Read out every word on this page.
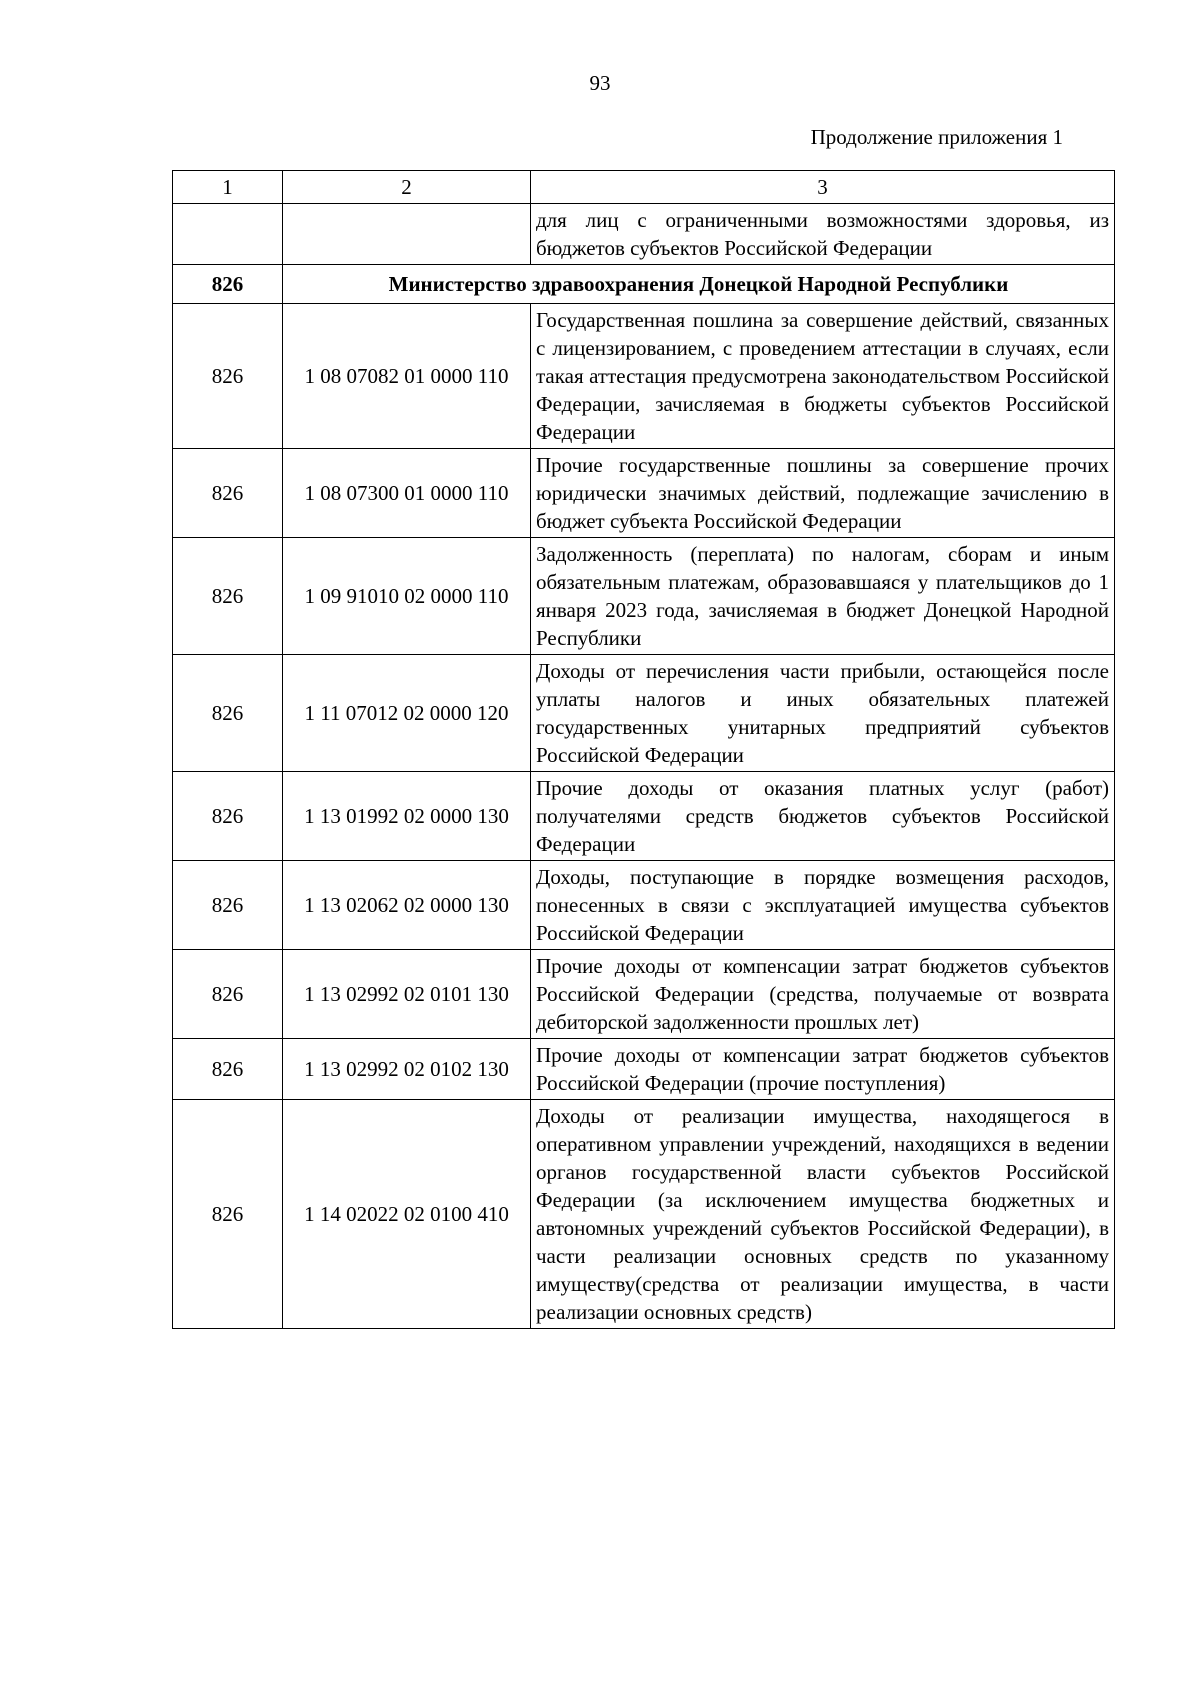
93
Продолжение приложения 1
1	2	3
		для лиц с ограниченными возможностями здоровья, из бюджетов субъектов Российской Федерации
826	Министерство здравоохранения Донецкой Народной Республики	
826	1 08 07082 01 0000 110	Государственная пошлина за совершение действий, связанных с лицензированием, с проведением аттестации в случаях, если такая аттестация предусмотрена законодательством Российской Федерации, зачисляемая в бюджеты субъектов Российской Федерации
826	1 08 07300 01 0000 110	Прочие государственные пошлины за совершение прочих юридически значимых действий, подлежащие зачислению в бюджет субъекта Российской Федерации
826	1 09 91010 02 0000 110	Задолженность (переплата) по налогам, сборам и иным обязательным платежам, образовавшаяся у плательщиков до 1 января 2023 года, зачисляемая в бюджет Донецкой Народной Республики
826	1 11 07012 02 0000 120	Доходы от перечисления части прибыли, остающейся после уплаты налогов и иных обязательных платежей государственных унитарных предприятий субъектов Российской Федерации
826	1 13 01992 02 0000 130	Прочие доходы от оказания платных услуг (работ) получателями средств бюджетов субъектов Российской Федерации
826	1 13 02062 02 0000 130	Доходы, поступающие в порядке возмещения расходов, понесенных в связи с эксплуатацией имущества субъектов Российской Федерации
826	1 13 02992 02 0101 130	Прочие доходы от компенсации затрат бюджетов субъектов Российской Федерации (средства, получаемые от возврата дебиторской задолженности прошлых лет)
826	1 13 02992 02 0102 130	Прочие доходы от компенсации затрат бюджетов субъектов Российской Федерации (прочие поступления)
826	1 14 02022 02 0100 410	Доходы от реализации имущества, находящегося в оперативном управлении учреждений, находящихся в ведении органов государственной власти субъектов Российской Федерации (за исключением имущества бюджетных и автономных учреждений субъектов Российской Федерации), в части реализации основных средств по указанному имуществу(средства от реализации имущества, в части реализации основных средств)
